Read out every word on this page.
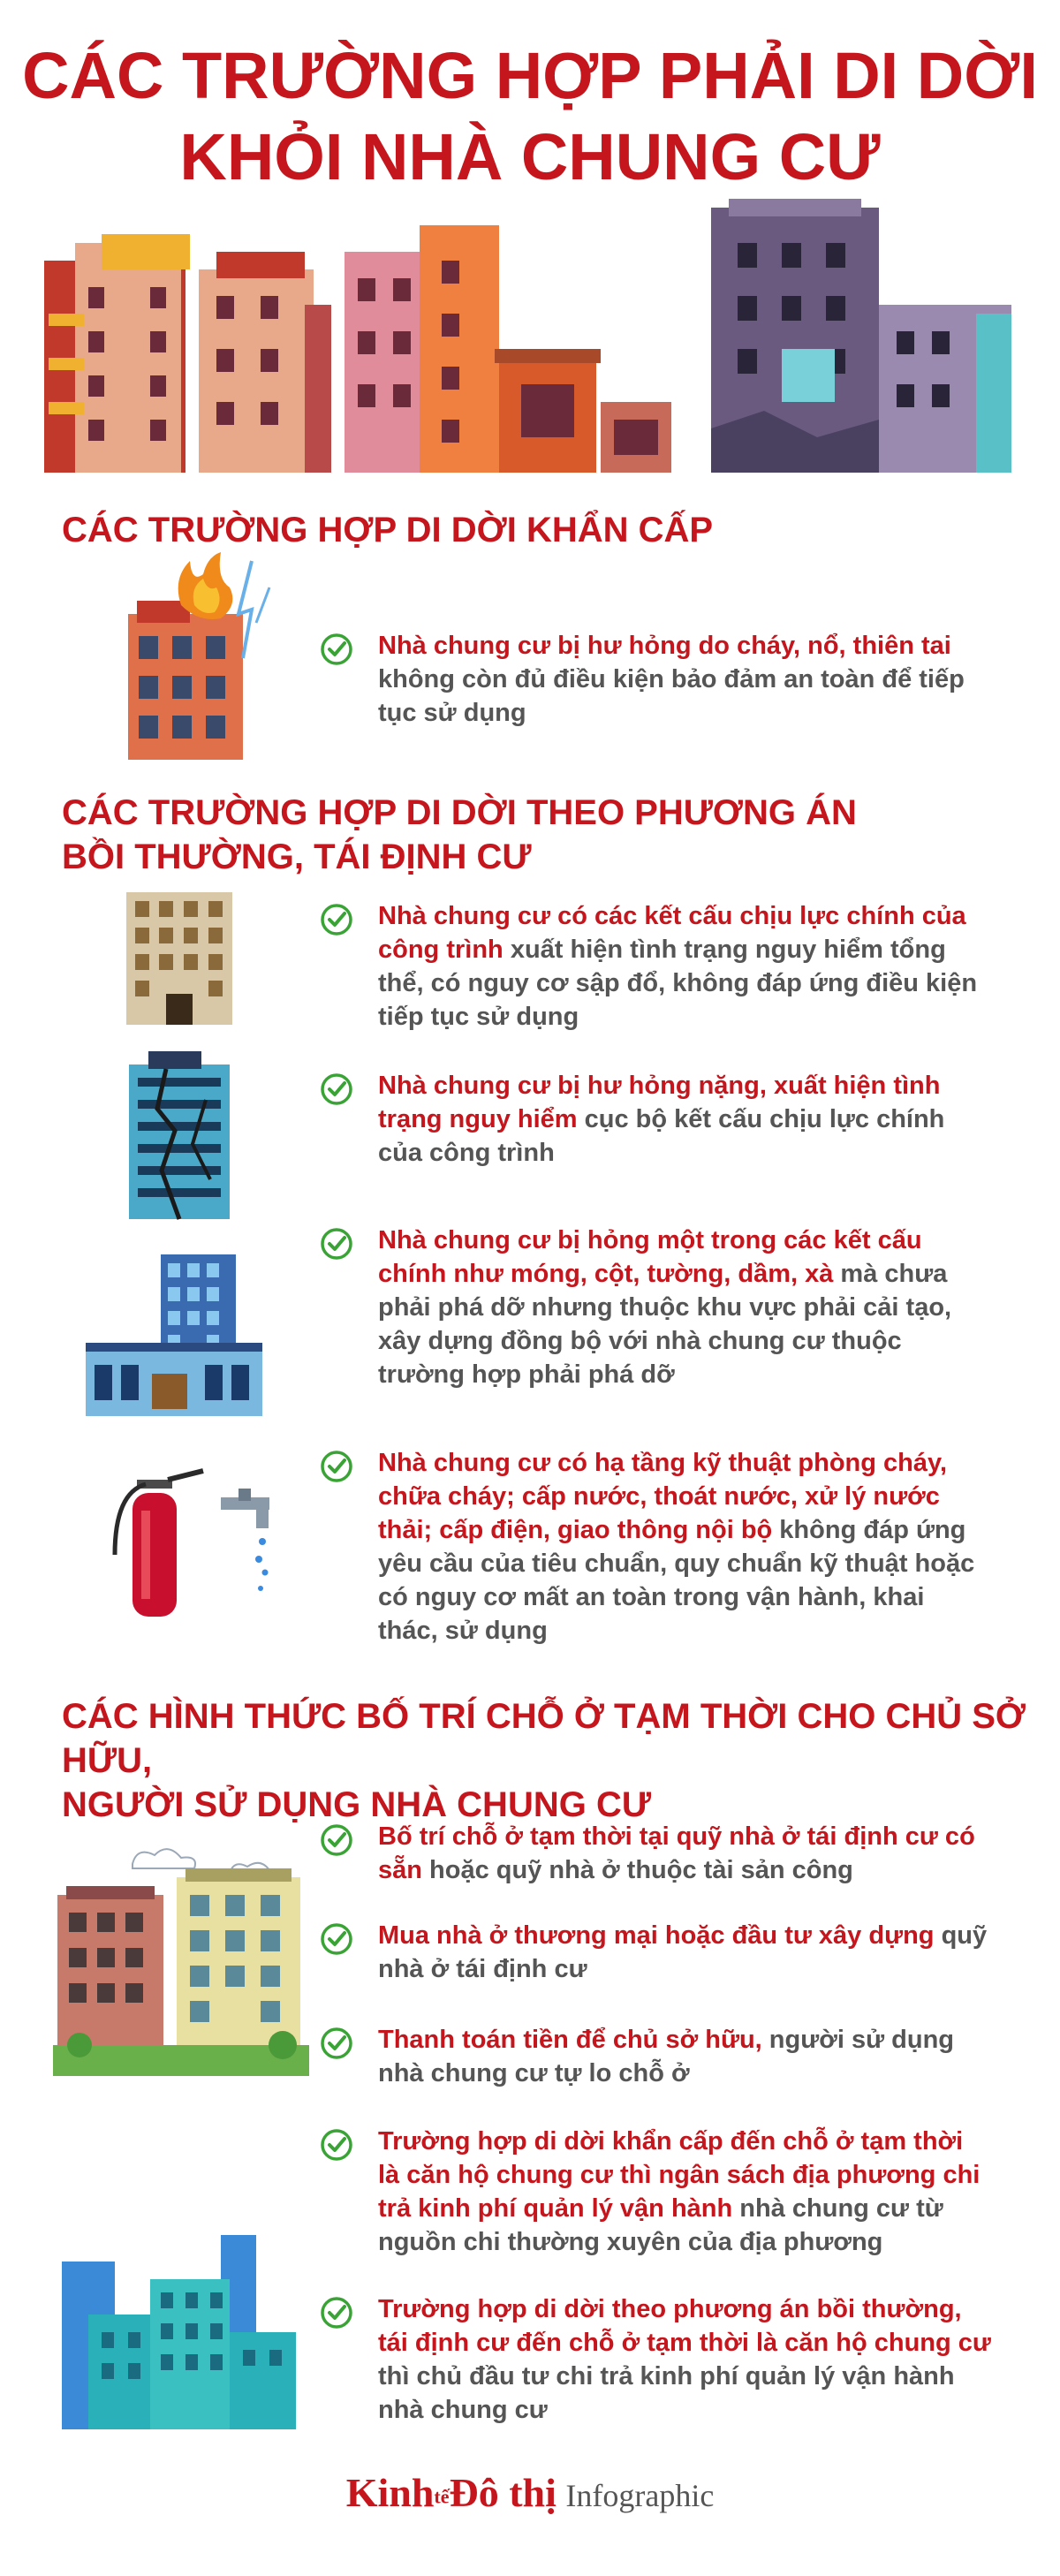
CÁC TRƯỜNG HỢP PHẢI DI DỜI
KHỎI NHÀ CHUNG CƯ
CÁC TRƯỜNG HỢP DI DỜI KHẨN CẤP
Nhà chung cư bị hư hỏng do cháy, nổ, thiên tai không còn đủ điều kiện bảo đảm an toàn để tiếp tục sử dụng
CÁC TRƯỜNG HỢP DI DỜI THEO PHƯƠNG ÁN
BỒI THƯỜNG, TÁI ĐỊNH CƯ
Nhà chung cư có các kết cấu chịu lực chính của công trình xuất hiện tình trạng nguy hiểm tổng thể, có nguy cơ sập đổ, không đáp ứng điều kiện tiếp tục sử dụng
Nhà chung cư bị hư hỏng nặng, xuất hiện tình trạng nguy hiểm cục bộ kết cấu chịu lực chính của công trình
Nhà chung cư bị hỏng một trong các kết cấu chính như móng, cột, tường, dầm, xà mà chưa phải phá dỡ nhưng thuộc khu vực phải cải tạo, xây dựng đồng bộ với nhà chung cư thuộc trường hợp phải phá dỡ
Nhà chung cư có hạ tầng kỹ thuật phòng cháy, chữa cháy; cấp nước, thoát nước, xử lý nước thải; cấp điện, giao thông nội bộ không đáp ứng yêu cầu của tiêu chuẩn, quy chuẩn kỹ thuật hoặc có nguy cơ mất an toàn trong vận hành, khai thác, sử dụng
CÁC HÌNH THỨC BỐ TRÍ CHỖ Ở TẠM THỜI CHO CHỦ SỞ HỮU,
NGƯỜI SỬ DỤNG NHÀ CHUNG CƯ
Bố trí chỗ ở tạm thời tại quỹ nhà ở tái định cư có sẵn hoặc quỹ nhà ở thuộc tài sản công
Mua nhà ở thương mại hoặc đầu tư xây dựng quỹ nhà ở tái định cư
Thanh toán tiền để chủ sở hữu, người sử dụng nhà chung cư tự lo chỗ ở
Trường hợp di dời khẩn cấp đến chỗ ở tạm thời là căn hộ chung cư thì ngân sách địa phương chi trả kinh phí quản lý vận hành nhà chung cư từ nguồn chi thường xuyên của địa phương
Trường hợp di dời theo phương án bồi thường, tái định cư đến chỗ ở tạm thời là căn hộ chung cư thì chủ đầu tư chi trả kinh phí quản lý vận hành nhà chung cư
KinhtếĐô thị Infographic
